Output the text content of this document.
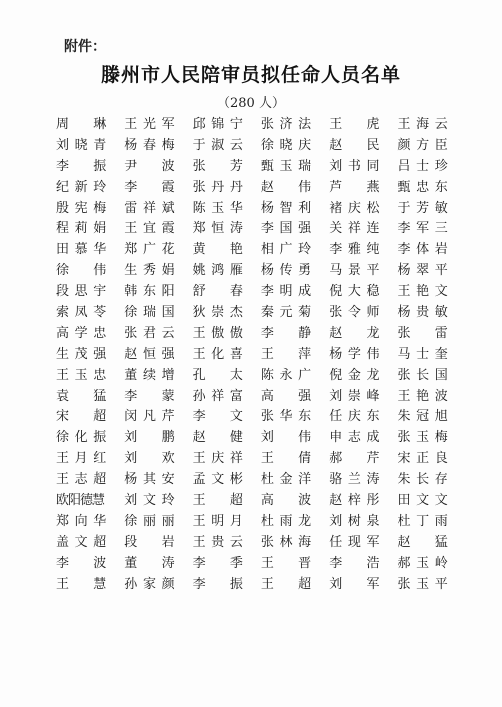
附件：
滕州市人民陪审员拟任命人员名单
（280 人）
周　琳	王光军	邱锦宁	张济法	王　虎	王海云
刘晓青	杨春梅	于淑云	徐晓庆	赵　民	颜方臣
李　振	尹　波	张　芳	甄玉瑞	刘书同	吕士珍
纪新玲	李　霞	张丹丹	赵　伟	芦　燕	甄忠东
殷宪梅	雷祥斌	陈玉华	杨智利	褚庆松	于芳敏
程莉娟	王宜霞	郑恒涛	李国强	关祥连	李军三
田慕华	郑广花	黄　艳	相广玲	李雅纯	李体岩
徐　伟	生秀娟	姚鸿雁	杨传勇	马景平	杨翠平
段思宇	韩东阳	舒　春	李明成	倪大稳	王艳文
索凤苓	徐瑞国	狄崇杰	秦元菊	张令师	杨贵敏
高学忠	张君云	王傲傲	李　静	赵　龙	张　雷
生茂强	赵恒强	王化喜	王　萍	杨学伟	马士奎
王玉忠	董续增	孔　太	陈永广	倪金龙	张长国
袁　猛	李　蒙	孙祥富	高　强	刘崇峰	王艳波
宋　超	闵凡芹	李　文	张华东	任庆东	朱冠旭
徐化振	刘　鹏	赵　健	刘　伟	申志成	张玉梅
王月红	刘　欢	王庆祥	王　倩	郝　芹	宋正良
王志超	杨其安	孟文彬	杜金洋	骆兰涛	朱长存
欧阳德慧	刘文玲	王　超	高　波	赵梓彤	田文文
郑向华	徐丽丽	王明月	杜雨龙	刘树泉	杜丁雨
盖文超	段　岩	王贵云	张林海	任现军	赵　猛
李　波	董　涛	李　季	王　晋	李　浩	郝玉岭
王　慧	孙家颜	李　振	王　超	刘　军	张玉平
